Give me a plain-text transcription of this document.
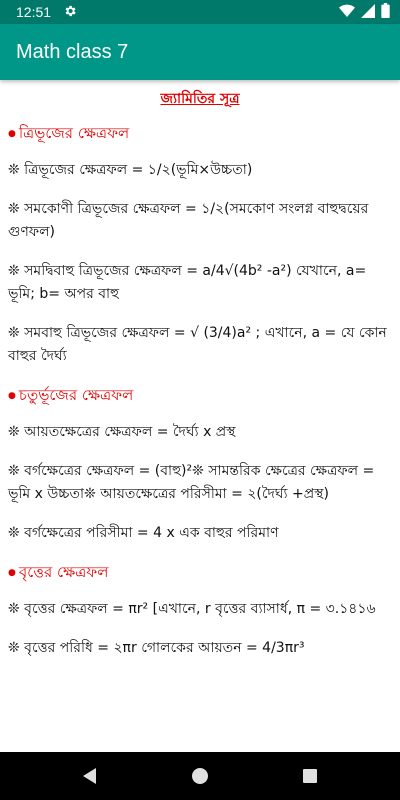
12:51
Math class 7
জ্যামিতির সূত্র
● ত্রিভূজের ক্ষেত্রফল

❊ ত্রিভূজের ক্ষেত্রফল = ১/২(ভূমি×উচ্চতা)

❊ সমকোণী ত্রিভূজের ক্ষেত্রফল = ১/২(সমকোণ সংলগ্ন বাহুদ্বয়ের গুণফল)

❊ সমদ্বিবাহু ত্রিভূজের ক্ষেত্রফল = a/4√(4b² -a²) যেখানে, a= ভূমি; b= অপর বাহু

❊ সমবাহু ত্রিভূজের ক্ষেত্রফল = √ (3/4)a² ; এখানে, a = যে কোন বাহুর দৈর্ঘ্য

● চতুর্ভূজের ক্ষেত্রফল

❊ আয়তক্ষেত্রের ক্ষেত্রফল = দৈর্ঘ্য x প্রস্থ

❊ বর্গক্ষেত্রের ক্ষেত্রফল = (বাহু)²❊ সামন্তরিক ক্ষেত্রের ক্ষেত্রফল = ভূমি x উচ্চতা❊ আয়তক্ষেত্রের পরিসীমা = ২(দৈর্ঘ্য +প্রস্থ)

❊ বর্গক্ষেত্রের পরিসীমা = 4 x এক বাহুর পরিমাণ

● বৃত্তের ক্ষেত্রফল

❊ বৃত্তের ক্ষেত্রফল = πr² [এখানে, r বৃত্তের ব্যাসার্ধ, π = ৩.১৪১৬

❊ বৃত্তের পরিধি = ২πr গোলকের আয়তন = 4/3πr³
